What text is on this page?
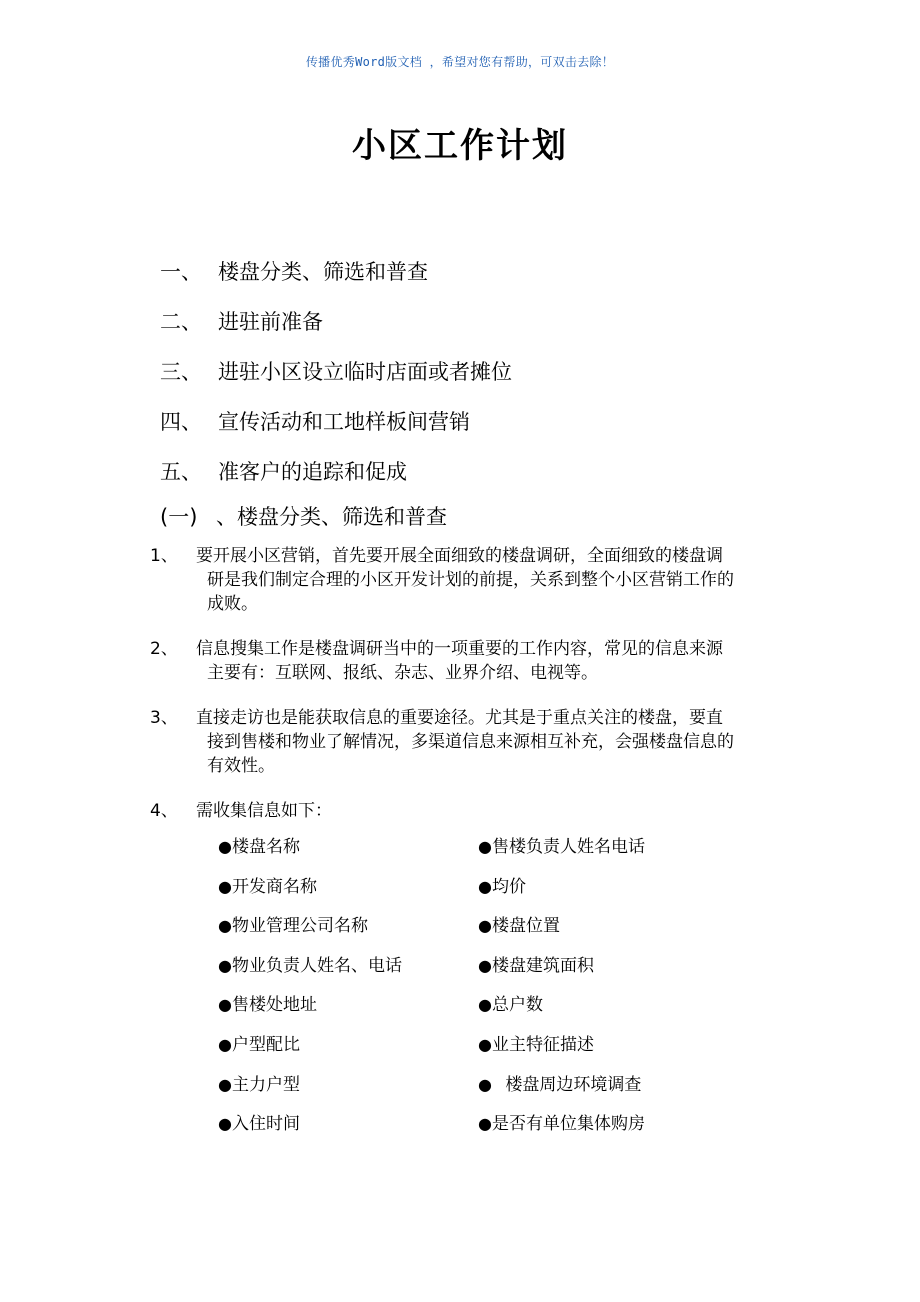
传播优秀Word版文档 ，希望对您有帮助，可双击去除！
小区工作计划
一、 楼盘分类、筛选和普查
二、 进驻前准备
三、 进驻小区设立临时店面或者摊位
四、 宣传活动和工地样板间营销
五、 准客户的追踪和促成
(一) 、楼盘分类、筛选和普查
1、	要开展小区营销，首先要开展全面细致的楼盘调研，全面细致的楼盘调
研是我们制定合理的小区开发计划的前提，关系到整个小区营销工作的
成败。
2、	信息搜集工作是楼盘调研当中的一项重要的工作内容，常见的信息来源
主要有：互联网、报纸、杂志、业界介绍、电视等。
3、	直接走访也是能获取信息的重要途径。尤其是于重点关注的楼盘，要直
接到售楼和物业了解情况，多渠道信息来源相互补充，会强楼盘信息的
有效性。
4、	需收集信息如下：
●楼盘名称	●售楼负责人姓名电话
●开发商名称	●均价
●物业管理公司名称	●楼盘位置
●物业负责人姓名、电话	●楼盘建筑面积
●售楼处地址	●总户数
●户型配比	●业主特征描述
●主力户型	● 楼盘周边环境调查
●入住时间	●是否有单位集体购房
